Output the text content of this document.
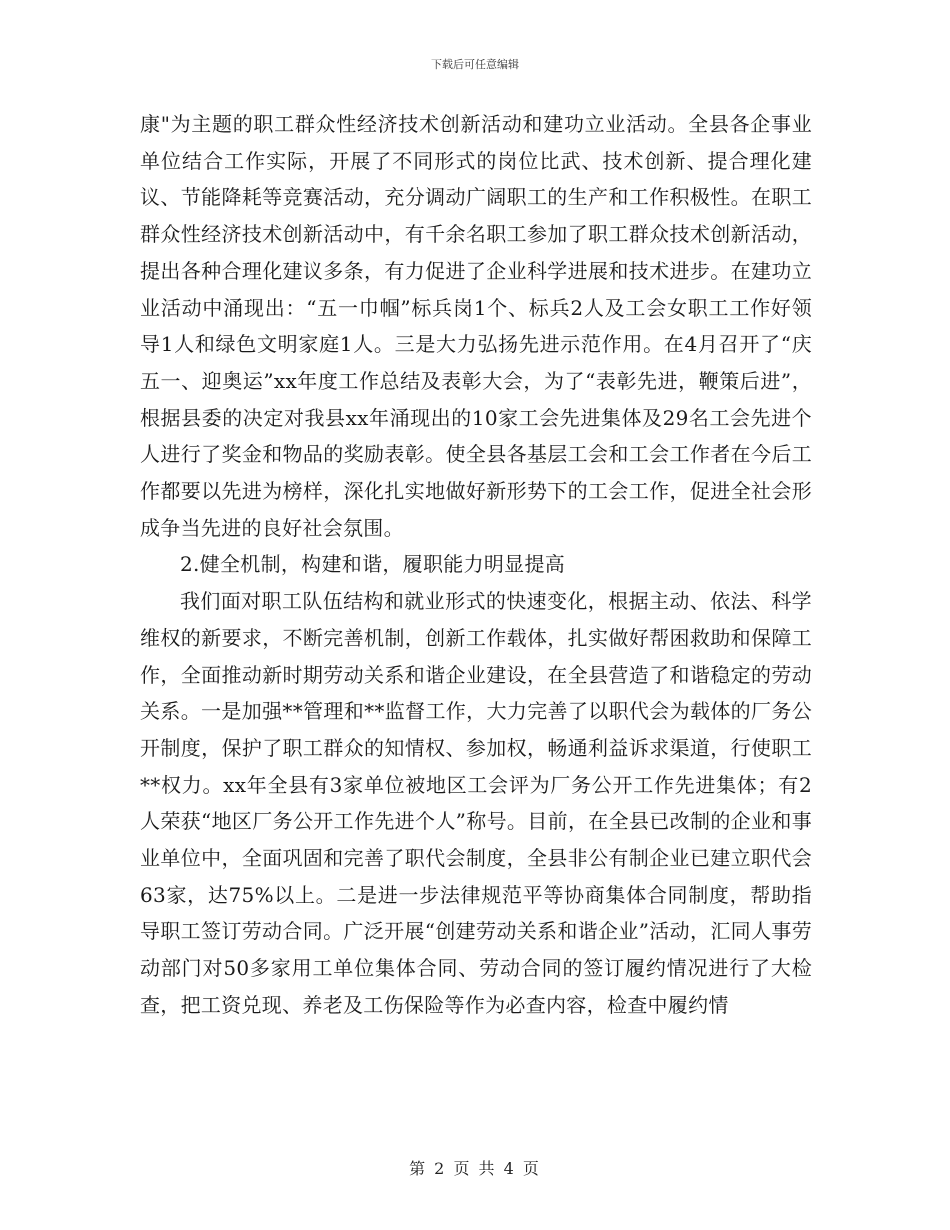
下载后可任意编辑

康"为主题的职工群众性经济技术创新活动和建功立业活动。全县各企事业单位结合工作实际，开展了不同形式的岗位比武、技术创新、提合理化建议、节能降耗等竞赛活动，充分调动广阔职工的生产和工作积极性。在职工群众性经济技术创新活动中，有千余名职工参加了职工群众技术创新活动，提出各种合理化建议多条，有力促进了企业科学进展和技术进步。在建功立业活动中涌现出：“五一巾帼”标兵岗1个、标兵2人及工会女职工工作好领导1人和绿色文明家庭1人。三是大力弘扬先进示范作用。在4月召开了“庆五一、迎奥运”xx年度工作总结及表彰大会，为了“表彰先进，鞭策后进”，根据县委的决定对我县xx年涌现出的10家工会先进集体及29名工会先进个人进行了奖金和物品的奖励表彰。使全县各基层工会和工会工作者在今后工作都要以先进为榜样，深化扎实地做好新形势下的工会工作，促进全社会形成争当先进的良好社会氛围。

2.健全机制，构建和谐，履职能力明显提高

我们面对职工队伍结构和就业形式的快速变化，根据主动、依法、科学维权的新要求，不断完善机制，创新工作载体，扎实做好帮困救助和保障工作，全面推动新时期劳动关系和谐企业建设，在全县营造了和谐稳定的劳动关系。一是加强**管理和**监督工作，大力完善了以职代会为载体的厂务公开制度，保护了职工群众的知情权、参加权，畅通利益诉求渠道，行使职工**权力。xx年全县有3家单位被地区工会评为厂务公开工作先进集体；有2人荣获“地区厂务公开工作先进个人”称号。目前，在全县已改制的企业和事业单位中，全面巩固和完善了职代会制度，全县非公有制企业已建立职代会63家，达75%以上。二是进一步法律规范平等协商集体合同制度，帮助指导职工签订劳动合同。广泛开展“创建劳动关系和谐企业”活动，汇同人事劳动部门对50多家用工单位集体合同、劳动合同的签订履约情况进行了大检查，把工资兑现、养老及工伤保险等作为必查内容，检查中履约情

第 2 页 共 4 页
